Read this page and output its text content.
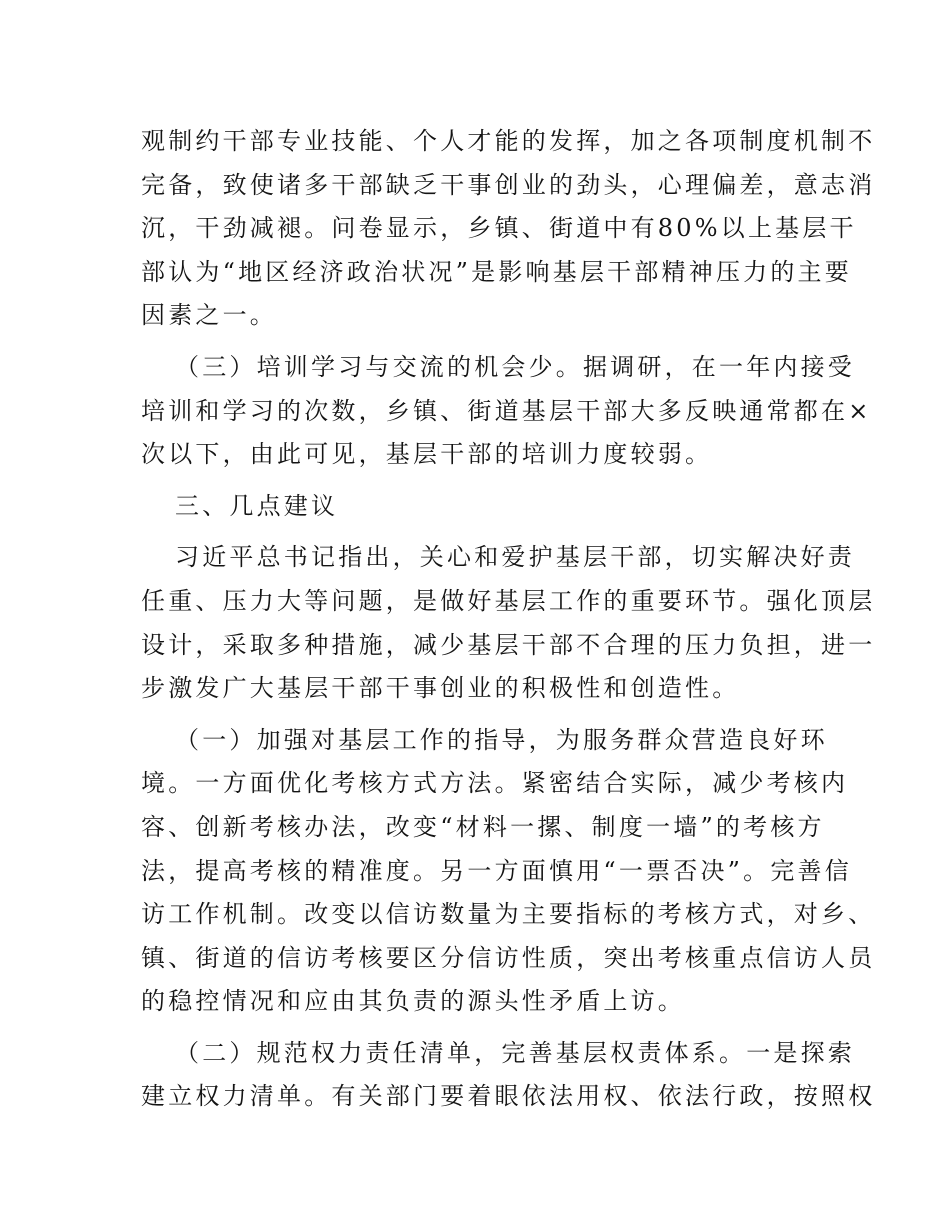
观制约干部专业技能、个人才能的发挥，加之各项制度机制不
完备，致使诸多干部缺乏干事创业的劲头，心理偏差，意志消
沉，干劲减褪。问卷显示，乡镇、街道中有80%以上基层干
部认为“地区经济政治状况”是影响基层干部精神压力的主要
因素之一。
（三）培训学习与交流的机会少。据调研，在一年内接受
培训和学习的次数，乡镇、街道基层干部大多反映通常都在×
次以下，由此可见，基层干部的培训力度较弱。
三、几点建议
习近平总书记指出，关心和爱护基层干部，切实解决好责
任重、压力大等问题，是做好基层工作的重要环节。强化顶层
设计，采取多种措施，减少基层干部不合理的压力负担，进一
步激发广大基层干部干事创业的积极性和创造性。
（一）加强对基层工作的指导，为服务群众营造良好环
境。一方面优化考核方式方法。紧密结合实际，减少考核内
容、创新考核办法，改变“材料一摞、制度一墙”的考核方
法，提高考核的精准度。另一方面慎用“一票否决”。完善信
访工作机制。改变以信访数量为主要指标的考核方式，对乡、
镇、街道的信访考核要区分信访性质，突出考核重点信访人员
的稳控情况和应由其负责的源头性矛盾上访。
（二）规范权力责任清单，完善基层权责体系。一是探索
建立权力清单。有关部门要着眼依法用权、依法行政，按照权
